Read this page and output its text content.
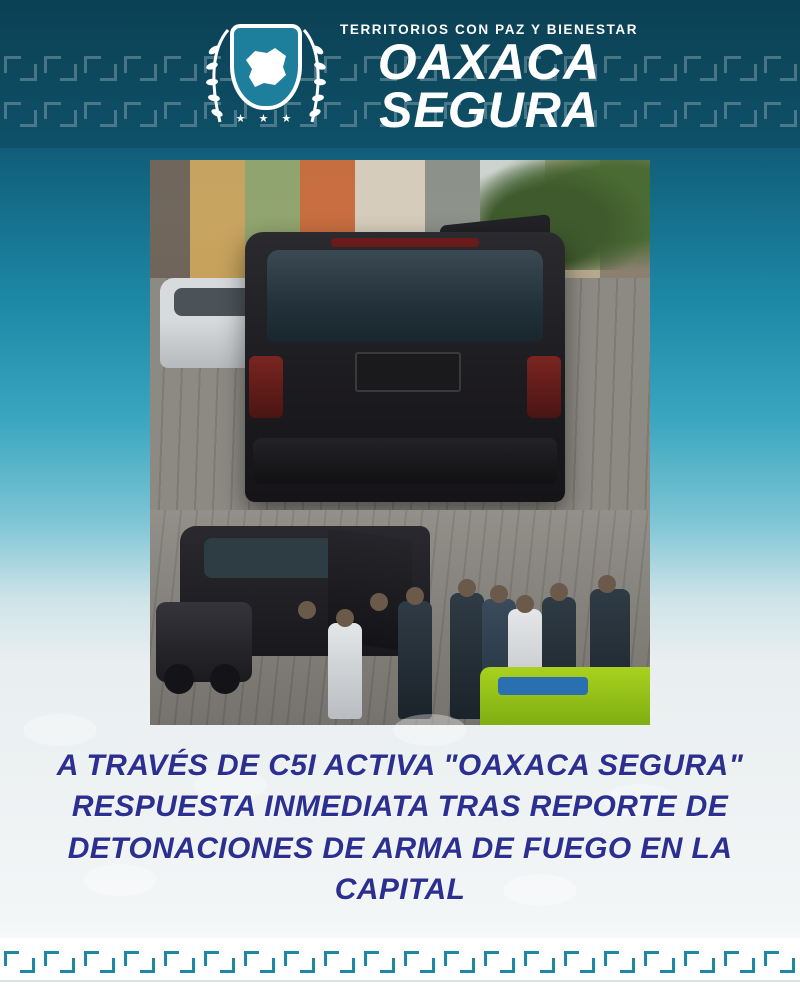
★ ★ ★
TERRITORIOS CON PAZ Y BIENESTAR
OAXACA
SEGURA
A TRAVÉS DE C5I ACTIVA "OAXACA SEGURA" RESPUESTA INMEDIATA TRAS REPORTE DE DETONACIONES DE ARMA DE FUEGO EN LA CAPITAL
